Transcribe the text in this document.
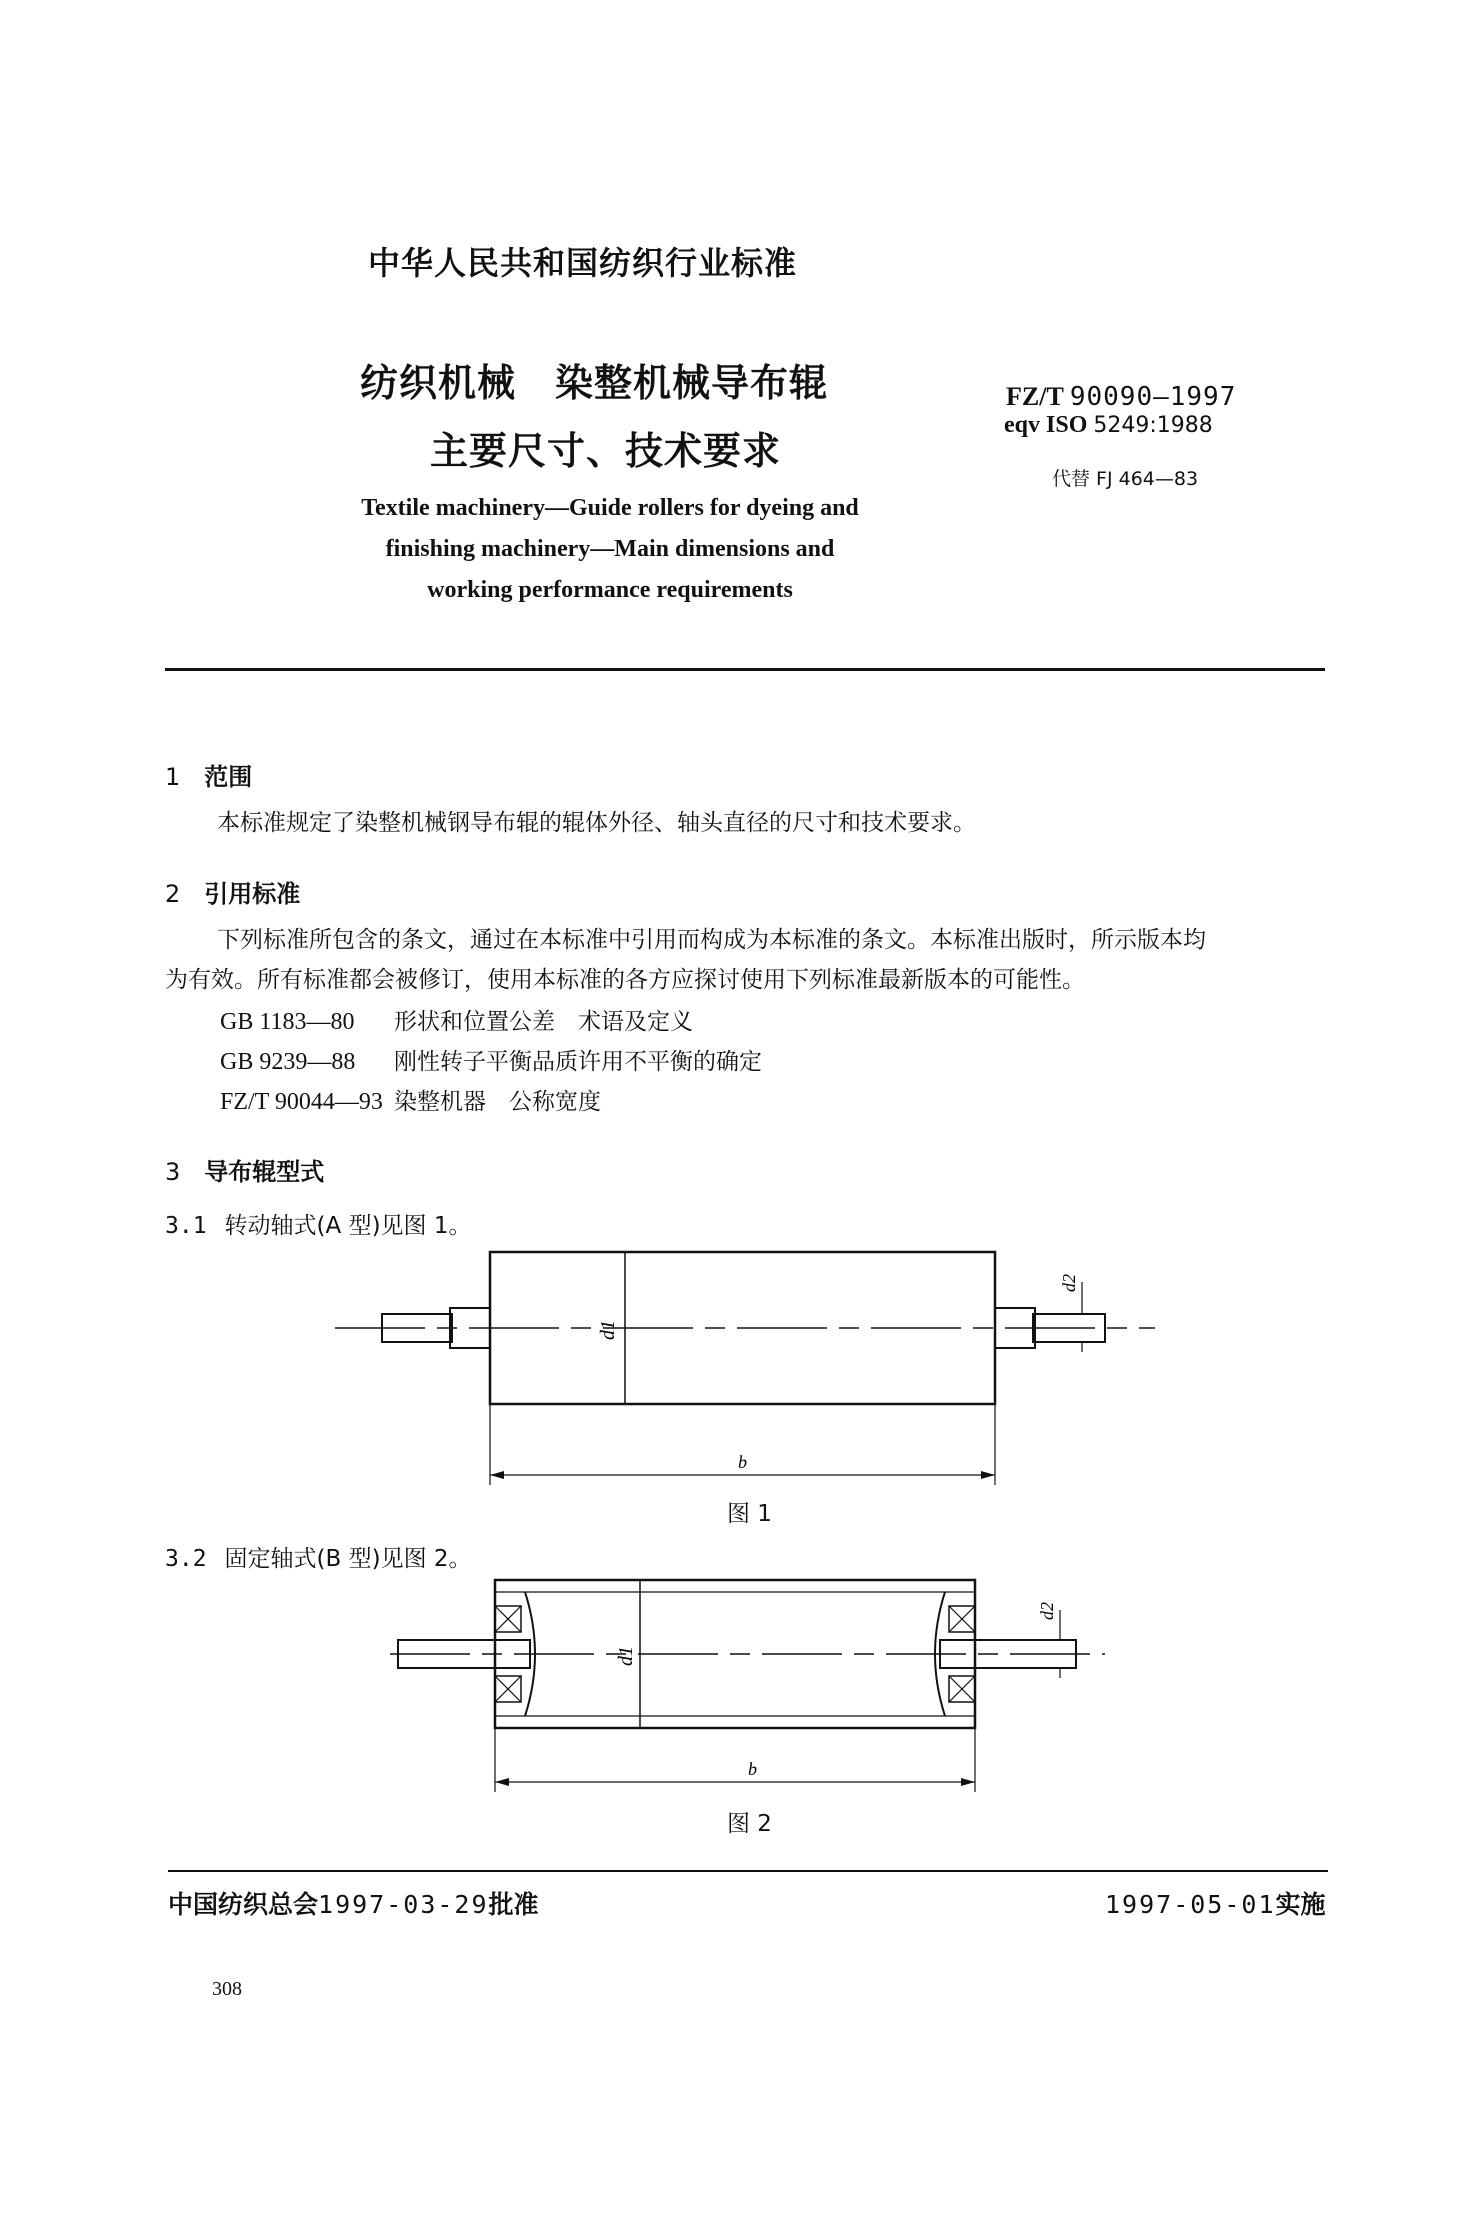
中华人民共和国纺织行业标准
纺织机械　染整机械导布辊
主要尺寸、技术要求
Textile machinery—Guide rollers for dyeing and
finishing machinery—Main dimensions and
working performance requirements
FZ/T 90090—1997
eqv ISO 5249:1988
代替 FJ 464—83
1 范围
本标准规定了染整机械钢导布辊的辊体外径、轴头直径的尺寸和技术要求。
2 引用标准
下列标准所包含的条文，通过在本标准中引用而构成为本标准的条文。本标准出版时，所示版本均
为有效。所有标准都会被修订，使用本标准的各方应探讨使用下列标准最新版本的可能性。
GB 1183—80 形状和位置公差　术语及定义
GB 9239—88 刚性转子平衡品质许用不平衡的确定
FZ/T 90044—93 染整机器　公称宽度
3 导布辊型式
3.1 转动轴式(A 型)见图 1。
d1
d2
b
图 1
3.2 固定轴式(B 型)见图 2。
d1
d2
b
图 2
中国纺织总会1997-03-29批准	1997-05-01实施
308
